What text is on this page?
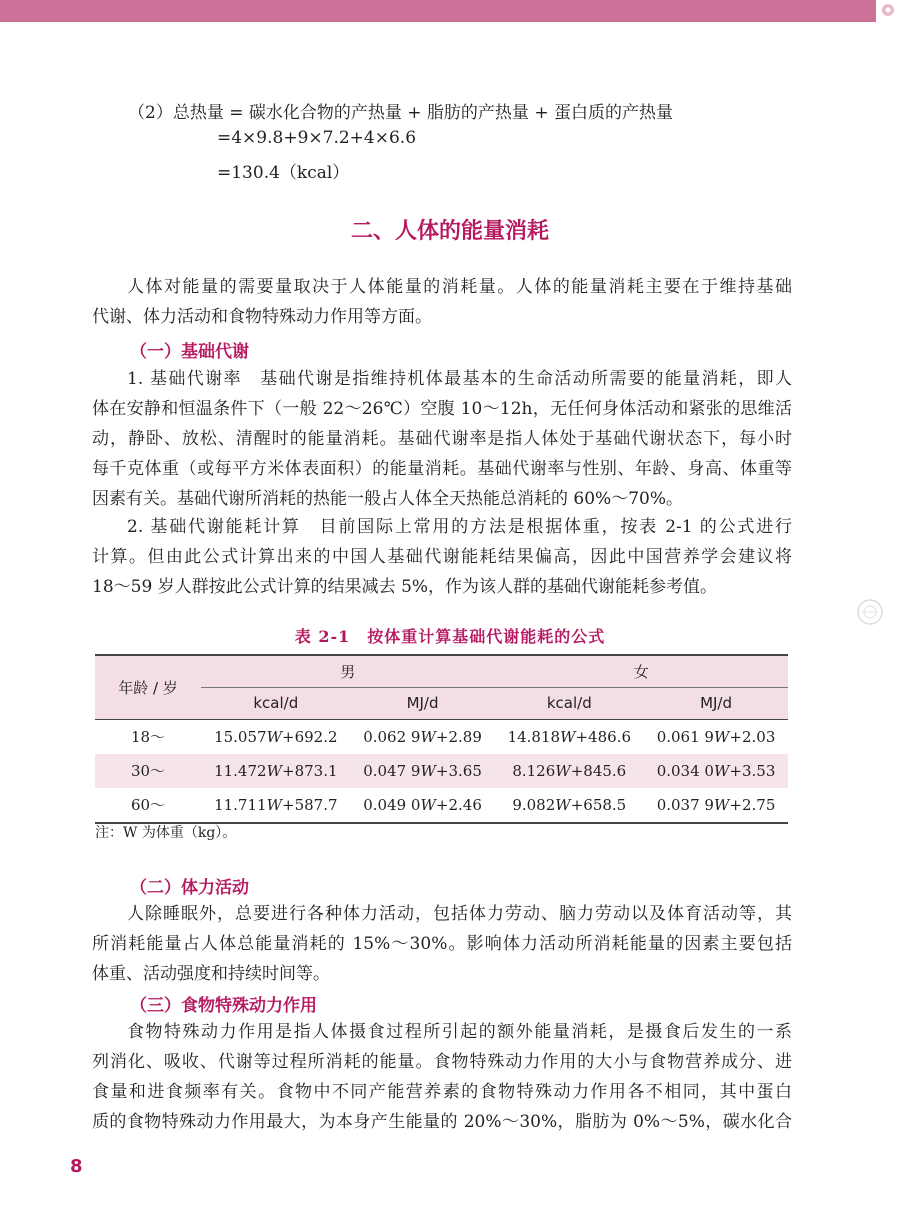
（2）总热量 = 碳水化合物的产热量 + 脂肪的产热量 + 蛋白质的产热量
=4×9.8+9×7.2+4×6.6
=130.4（kcal）
二、人体的能量消耗
人体对能量的需要量取决于人体能量的消耗量。人体的能量消耗主要在于维持基础
代谢、体力活动和食物特殊动力作用等方面。
（一）基础代谢
1. 基础代谢率　基础代谢是指维持机体最基本的生命活动所需要的能量消耗，即人
体在安静和恒温条件下（一般 22～26℃）空腹 10～12h，无任何身体活动和紧张的思维活
动，静卧、放松、清醒时的能量消耗。基础代谢率是指人体处于基础代谢状态下，每小时
每千克体重（或每平方米体表面积）的能量消耗。基础代谢率与性别、年龄、身高、体重等
因素有关。基础代谢所消耗的热能一般占人体全天热能总消耗的 60%～70%。
2. 基础代谢能耗计算　目前国际上常用的方法是根据体重，按表 2-1 的公式进行
计算。但由此公式计算出来的中国人基础代谢能耗结果偏高，因此中国营养学会建议将
18～59 岁人群按此公式计算的结果减去 5%，作为该人群的基础代谢能耗参考值。
表 2-1　按体重计算基础代谢能耗的公式
年龄 / 岁	男		女	
	kcal/d	MJ/d	kcal/d	MJ/d
18～	15.057W+692.2	0.062 9W+2.89	14.818W+486.6	0.061 9W+2.03
30～	11.472W+873.1	0.047 9W+3.65	8.126W+845.6	0.034 0W+3.53
60～	11.711W+587.7	0.049 0W+2.46	9.082W+658.5	0.037 9W+2.75
注：W 为体重（kg）。
（二）体力活动
人除睡眠外，总要进行各种体力活动，包括体力劳动、脑力劳动以及体育活动等，其
所消耗能量占人体总能量消耗的 15%～30%。影响体力活动所消耗能量的因素主要包括
体重、活动强度和持续时间等。
（三）食物特殊动力作用
食物特殊动力作用是指人体摄食过程所引起的额外能量消耗，是摄食后发生的一系
列消化、吸收、代谢等过程所消耗的能量。食物特殊动力作用的大小与食物营养成分、进
食量和进食频率有关。食物中不同产能营养素的食物特殊动力作用各不相同，其中蛋白
质的食物特殊动力作用最大，为本身产生能量的 20%～30%，脂肪为 0%～5%，碳水化合
8
